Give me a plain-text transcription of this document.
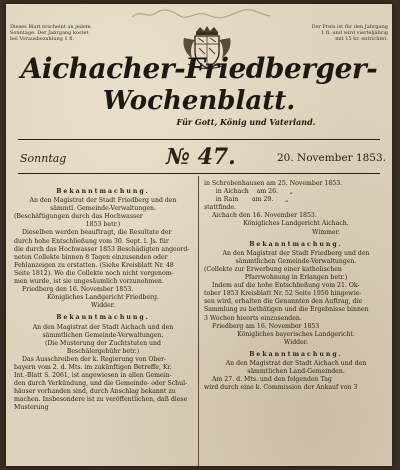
Dieses Blatt erscheint an jedem
Sonntage. Der Jahrgang kostet
bei Vorausbezahlung 1 fl.
Der Preis ist für den Jahrgang
1 fl. und wird vierteljährig
mit 15 kr. entrichtet.
Aichacher-Friedberger-
Wochenblatt.
Für Gott, König und Vaterland.
Sonntag	№ 47.	20. November 1853.

Bekanntmachung.

An den Magistrat der Stadt Friedberg und den

sämmtl. Gemeinde-Verwaltungen.

(Beschäftigungen durch das Hochwasser

1853 betr.)

Dieselben werden beauftragt, die Resultate der

durch hohe Entschließung vom 30. Sept. l. Js. für

die durch das Hochwasser 1853 Beschädigten angeord-

neten Collekte binnen 8 Tagen einzusenden oder

Fehlanzeigen zu erstatten. (Siehe Kreisblatt Nr. 48

Seite 1812). Wo die Collekte noch nicht vorgenom-

men wurde, ist sie ungesäumlich vorzunehmen.

Friedberg den 16. November 1853.

Königliches Landgericht Friedberg.

Widder.

Bekanntmachung.

An den Magistrat der Stadt Aichach und den

sämmtlichen Gemeinde-Verwaltungen.

(Die Musterung der Zuchtstuten und

Beschälergebühr betr.)

Das Ausschreiben der k. Regierung von Ober-

bayern vom 2. d. Mts. im zukünftigen Betreffe, Kr.

Int.-Blatt S. 2061, ist angewiesen in allen Gemein-

den durch Verkündung, und die Gemeinde- oder Schul-

häuser vorhanden sind, durch Anschlag bekannt zu

machen. Insbesondere ist zu veröffentlichen, daß diese

Musterung

in Schrobenhausen am 25. November 1853.

in Aichach    am 26.      „

in Rain       am 29.      „

stattfinde.

Aichach den 16. November 1853.

Königliches Landgericht Aichach.

Wimmer.

Bekanntmachung.

An den Magistrat der Stadt Friedberg und den

sämmtlichen Gemeinde-Verwaltungen.

(Collekte zur Erwerbung einer katholischen

Pfarrwohnung in Erlangen betr.)

Indem auf die hohe Entschließung vom 21. Ok-

tober 1853 Kreisblatt Nr. 52 Seite 1950 hingewie-

sen wird, erhalten die Genannten den Auftrag, die

Sammlung zu bethätigen und die Ergebnisse binnen

3 Wochen hieorts einzusenden.

Friedberg am 16. November 1853

Königliches bayerisches Landgericht.

Widder.

Bekanntmachung.

An den Magistrat der Stadt Aichach und den

sämmtlichen Land-Gemeinden.

Am 27. d. Mts. und den folgenden Tag

wird durch eine k. Commission der Ankauf von 3
